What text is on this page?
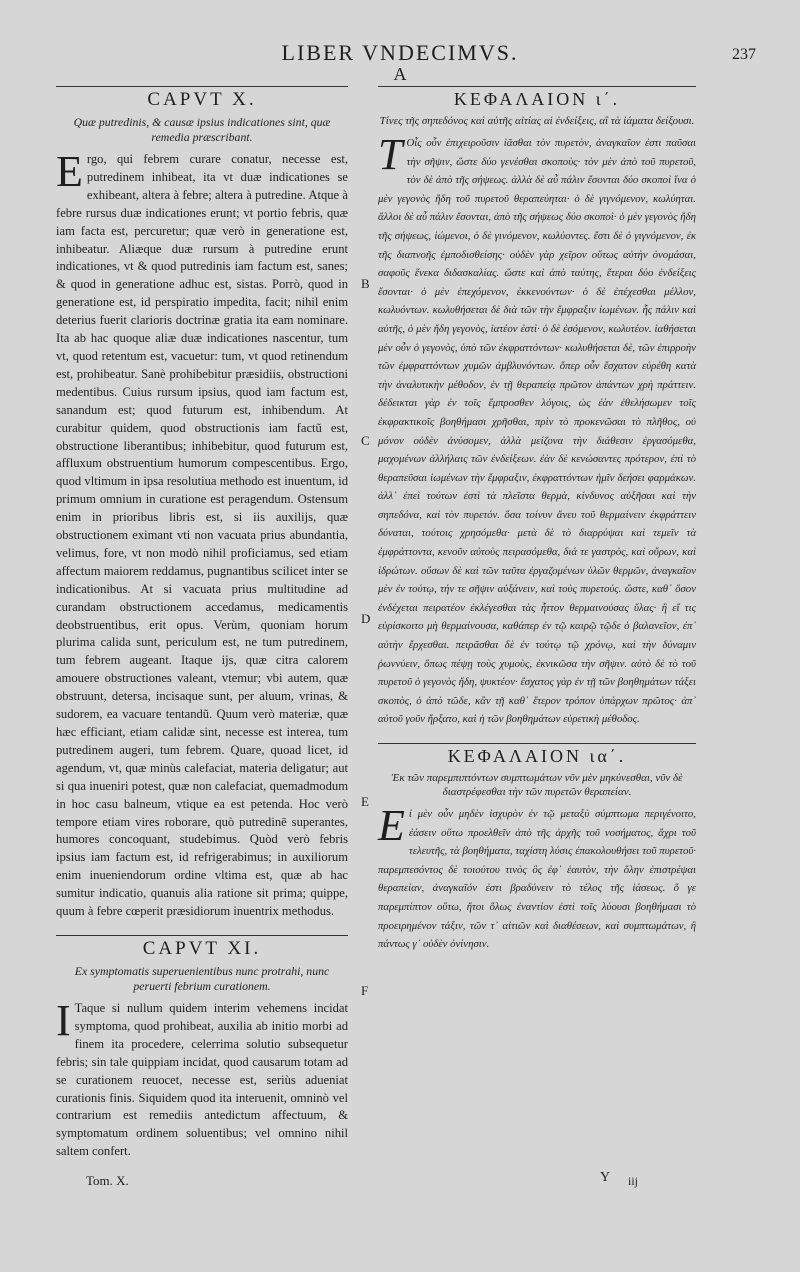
LIBER VNDECIMVS.	237
A
B
C
D
E
F
CAPVT X.
Quæ putredinis, & causæ ipsius indicationes sint, quæ remedia præscribant.
Ergo, qui febrem curare conatur, necesse est, putredinem inhibeat, ita vt duæ indicationes se exhibeant, altera à febre; altera à putredine. Atque à febre rursus duæ indicationes erunt; vt portio febris, quæ iam facta est, percuretur; quæ verò in generatione est, inhibeatur. Aliæque duæ rursum à putredine erunt indicationes, vt & quod putredinis iam factum est, sanes; & quod in generatione adhuc est, sistas. Porrò, quod in generatione est, id perspiratio impedita, facit; nihil enim deterius fuerit clarioris doctrinæ gratia ita eam nominare. Ita ab hac quoque aliæ duæ indicationes nascentur, tum vt, quod retentum est, vacuetur: tum, vt quod retinendum est, prohibeatur. Sanè prohibebitur præsidiis, obstructioni medentibus. Cuius rursum ipsius, quod iam factum est, sanandum est; quod futurum est, inhibendum. At curabitur quidem, quod obstructionis iam factũ est, obstructione liberantibus; inhibebitur, quod futurum est, affluxum obstruentium humorum compescentibus. Ergo, quod vltimum in ipsa resolutiua methodo est inuentum, id primum omnium in curatione est peragendum. Ostensum enim in prioribus libris est, si iis auxilijs, quæ obstructionem eximant vti non vacuata prius abundantia, velimus, fore, vt non modò nihil proficiamus, sed etiam affectum maiorem reddamus, pugnantibus scilicet inter se indicationibus. At si vacuata prius multitudine ad curandam obstructionem accedamus, medicamentis deobstruentibus, erit opus. Verùm, quoniam horum plurima calida sunt, periculum est, ne tum putredinem, tum febrem augeant. Itaque ijs, quæ citra calorem amouere obstructiones valeant, vtemur; vbi autem, quæ obstruunt, detersa, incisaque sunt, per aluum, vrinas, & sudorem, ea vacuare tentandũ. Quum verò materiæ, quæ hæc efficiant, etiam calidæ sint, necesse est interea, tum putredinem augeri, tum febrem. Quare, quoad licet, id agendum, vt, quæ minùs calefaciat, materia deligatur; aut si qua inueniri potest, quæ non calefaciat, quemadmodum in hoc casu balneum, vtique ea est petenda. Hoc verò tempore etiam vires roborare, quò putredinē superantes, humores concoquant, studebimus. Quòd verò febris ipsius iam factum est, id refrigerabimus; in auxiliorum enim inueniendorum ordine vltima est, quæ ab hac sumitur indicatio, quanuis alia ratione sit prima; quippe, quum à febre cœperit præsidiorum inuentrix methodus.
CAPVT XI.
Ex symptomatis superuenientibus nunc protrahi, nunc peruerti febrium curationem.
I Taque si nullum quidem interim vehemens incidat symptoma, quod prohibeat, auxilia ab initio morbi ad finem ita procedere, celerrima solutio subsequetur febris; sin tale quippiam incidat, quod causarum totam ad se curationem reuocet, necesse est, seriùs adueniat curationis finis. Siquidem quod ita interuenit, omninò vel contrarium est remediis antedictum affectuum, & symptomatum ordinem soluentibus; vel omnino nihil saltem confert.
ΚΕΦΑΛΑΙΟΝ ι΄.
Τίνες τῆς σηπεδόνος καὶ αὐτῆς αἰτίας αἱ ἐνδείξεις, αἳ τὰ ἰάματα δείξουσι.
Τ Οἷς οὖν ἐπιχειροῦσιν ἰᾶσθαι τὸν πυρετὸν, ἀναγκαῖον ἐστι παῦσαι τὴν σῆψιν, ὥστε δύο γενέσθαι σκοποὺς· τὸν μὲν ἀπὸ τοῦ πυρετοῦ, τὸν δὲ ἀπὸ τῆς σήψεως. ἀλλὰ δὲ αὖ πάλιν ἔσονται δύο σκοποὶ ἵνα ὁ μὲν γεγονὸς ἤδη τοῦ πυρετοῦ θεραπεύηται· ὁ δὲ γιγνόμενον, κωλύηται. ἄλλοι δὲ αὖ πάλιν ἔσονται, ἀπὸ τῆς σήψεως δύο σκοποὶ· ὁ μὲν γεγονὸς ἤδη τῆς σήψεως, ἰώμενοι, ὁ δὲ γινόμενον, κωλύοντες. ἔστι δὲ ὁ γιγνόμενον, ἐκ τῆς διαπνοῆς ἐμποδισθείσης· οὐδὲν γὰρ χεῖρον οὕτως αὐτὴν ὀνομάσαι, σαφοῦς ἕνεκα διδασκαλίας. ὥστε καὶ ἀπὸ ταύτης, ἕτεραι δύο ἐνδείξεις ἔσονται· ὁ μὲν ἐπεχόμενον, ἐκκενούντων· ὁ δὲ ἐπέχεσθαι μέλλον, κωλυόντων. κωλυθήσεται δὲ διὰ τῶν τὴν ἔμφραξιν ἰωμένων. ἧς πάλιν καὶ αὐτῆς, ὁ μὲν ἤδη γεγονὸς, ἰατέον ἐστὶ· ὁ δὲ ἐσόμενον, κωλυτέον. ἰαθήσεται μὲν οὖν ὁ γεγονὸς, ὑπὸ τῶν ἐκφραττόντων· κωλυθήσεται δὲ, τῶν ἐπιρροὴν τῶν ἐμφραττόντων χυμῶν ἀμβλυνόντων. ὅπερ οὖν ἔσχατον εὑρέθη κατὰ τὴν ἀναλυτικὴν μέθοδον, ἐν τῇ θεραπείᾳ πρῶτον ἁπάντων χρὴ πράττειν. δέδεικται γὰρ ἐν τοῖς ἔμπροσθεν λόγοις, ὡς ἐὰν ἐθελήσωμεν τοῖς ἐκφρακτικοῖς βοηθήμασι χρῆσθαι, πρὶν τὸ προκενῶσαι τὸ πλῆθος, οὐ μόνον οὐδὲν ἀνύσομεν, ἀλλὰ μείζονα τὴν διάθεσιν ἐργασόμεθα, μαχομένων ἀλλήλαις τῶν ἐνδείξεων. ἐὰν δὲ κενώσαντες πρότερον, ἐπὶ τὸ θεραπεῦσαι ἰωμένων τὴν ἔμφραξιν, ἐκφραττόντων ἡμῖν δεήσει φαρμάκων. ἀλλ᾽ ἐπεὶ τούτων ἐστὶ τὰ πλεῖστα θερμὰ, κίνδυνος αὐξῆσαι καὶ τὴν σηπεδόνα, καὶ τὸν πυρετόν. ὅσα τοίνυν ἄνευ τοῦ θερμαίνειν ἐκφράττειν δύναται, τούτοις χρησόμεθα· μετὰ δὲ τὸ διαρρύψαι καὶ τεμεῖν τὰ ἐμφράττοντα, κενοῦν αὐτοὺς πειρασόμεθα, διά τε γαστρὸς, καὶ οὔρων, καὶ ἱδρώτων. οὔσων δὲ καὶ τῶν ταῦτα ἐργαζομένων ὑλῶν θερμῶν, ἀναγκαῖον μὲν ἐν τούτῳ, τήν τε σῆψιν αὐξάνειν, καὶ τοὺς πυρετούς. ὥστε, καθ᾽ ὅσον ἐνδέχεται πειρατέον ἐκλέγεσθαι τὰς ἧττον θερμαινούσας ὕλας· ἢ εἴ τις εὑρίσκοιτο μὴ θερμαίνουσα, καθάπερ ἐν τῷ καιρῷ τῷδε ὁ βαλανεῖον, ἐπ᾽ αὐτὴν ἔρχεσθαι. πειρᾶσθαι δὲ ἐν τούτῳ τῷ χρόνῳ, καὶ τὴν δύναμιν ῥωννύειν, ὅπως πέψῃ τοὺς χυμοὺς, ἐκνικῶσα τὴν σῆψιν. αὐτὸ δὲ τὸ τοῦ πυρετοῦ ὁ γεγονὸς ἤδη, ψυκτέον· ἔσχατος γὰρ ἐν τῇ τῶν βοηθημάτων τάξει σκοπὸς, ὁ ἀπὸ τῶδε, κἂν τῇ καθ᾽ ἕτερον τρόπον ὑπάρχων πρῶτος· ἀπ᾽ αὐτοῦ γοῦν ἤρξατο, καὶ ἡ τῶν βοηθημάτων εὑρετικὴ μέθοδος.
ΚΕΦΑΛΑΙΟΝ ια΄.
Ἐκ τῶν παρεμπιπτόντων συμπτωμάτων νῦν μὲν μηκύνεσθαι, νῦν δὲ διαστρέφεσθαι τὴν τῶν πυρετῶν θεραπείαν.
Εἰ μὲν οὖν μηδὲν ἰσχυρὸν ἐν τῷ μεταξὺ σύμπτωμα περιγένοιτο, ἐάσειν οὕτω προελθεῖν ἀπὸ τῆς ἀρχῆς τοῦ νοσήματος, ἄχρι τοῦ τελευτῆς, τὰ βοηθήματα, ταχίστη λύσις ἐπακολουθήσει τοῦ πυρετοῦ· παρεμπεσόντος δὲ τοιούτου τινὸς ὃς ἐφ᾽ ἑαυτὸν, τὴν ὅλην ἐπιστρέψαι θεραπείαν, ἀναγκαῖόν ἐστι βραδύνειν τὸ τέλος τῆς ἰάσεως. ὅ γε παρεμπίπτον οὕτω, ἤτοι ὅλως ἐναντίον ἐστὶ τοῖς λύουσι βοηθήμασι τὸ προειρημένον τάξιν, τῶν τ᾽ αἰτιῶν καὶ διαθέσεων, καὶ συμπτωμάτων, ἢ πάντως γ᾽ οὐδὲν ὀνίνησιν.
Tom. X.	Y iij
